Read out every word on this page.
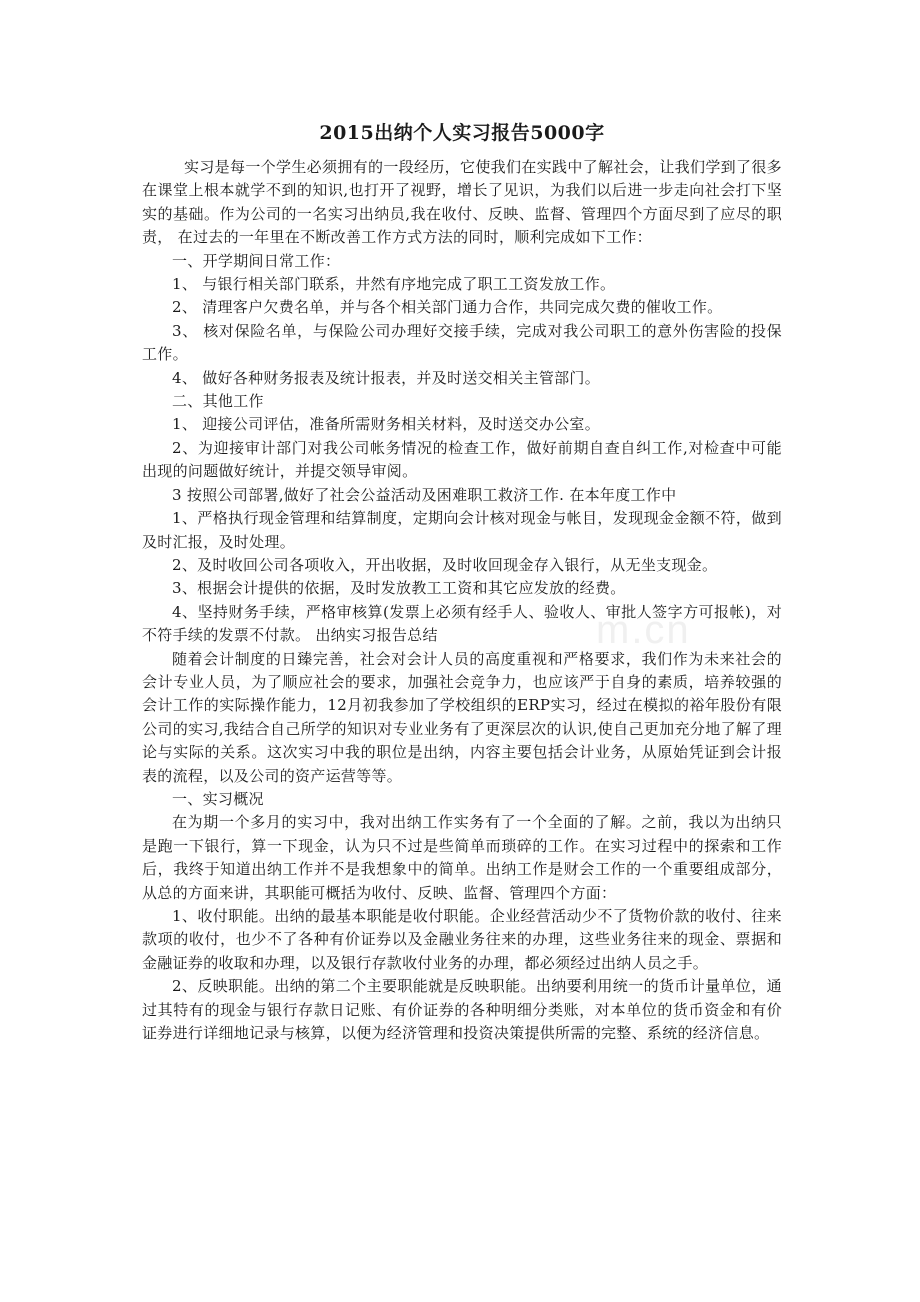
m.cn
2015出纳个人实习报告5000字

实习是每一个学生必须拥有的一段经历，它使我们在实践中了解社会，让我们学到了很多在课堂上根本就学不到的知识,也打开了视野，增长了见识，为我们以后进一步走向社会打下坚实的基础。作为公司的一名实习出纳员,我在收付、反映、监督、管理四个方面尽到了应尽的职责， 在过去的一年里在不断改善工作方式方法的同时，顺利完成如下工作：

一、开学期间日常工作：

1、 与银行相关部门联系，井然有序地完成了职工工资发放工作。

2、 清理客户欠费名单，并与各个相关部门通力合作，共同完成欠费的催收工作。

3、 核对保险名单，与保险公司办理好交接手续，完成对我公司职工的意外伤害险的投保工作。

4、 做好各种财务报表及统计报表，并及时送交相关主管部门。

二、其他工作

1、 迎接公司评估，准备所需财务相关材料，及时送交办公室。

2、为迎接审计部门对我公司帐务情况的检查工作，做好前期自查自纠工作,对检查中可能出现的问题做好统计，并提交领导审阅。

3 按照公司部署,做好了社会公益活动及困难职工救济工作. 在本年度工作中

1、严格执行现金管理和结算制度，定期向会计核对现金与帐目，发现现金金额不符，做到及时汇报，及时处理。

2、及时收回公司各项收入，开出收据，及时收回现金存入银行，从无坐支现金。

3、根据会计提供的依据，及时发放教工工资和其它应发放的经费。

4、坚持财务手续，严格审核算(发票上必须有经手人、验收人、审批人签字方可报帐)，对不符手续的发票不付款。 出纳实习报告总结

随着会计制度的日臻完善，社会对会计人员的高度重视和严格要求，我们作为未来社会的会计专业人员，为了顺应社会的要求，加强社会竞争力，也应该严于自身的素质，培养较强的会计工作的实际操作能力，12月初我参加了学校组织的ERP实习，经过在模拟的裕年股份有限公司的实习,我结合自己所学的知识对专业业务有了更深层次的认识,使自己更加充分地了解了理论与实际的关系。这次实习中我的职位是出纳，内容主要包括会计业务，从原始凭证到会计报表的流程，以及公司的资产运营等等。

一、实习概况

在为期一个多月的实习中，我对出纳工作实务有了一个全面的了解。之前，我以为出纳只是跑一下银行，算一下现金，认为只不过是些简单而琐碎的工作。在实习过程中的探索和工作后，我终于知道出纳工作并不是我想象中的简单。出纳工作是财会工作的一个重要组成部分，从总的方面来讲，其职能可概括为收付、反映、监督、管理四个方面：

1、收付职能。出纳的最基本职能是收付职能。企业经营活动少不了货物价款的收付、往来款项的收付，也少不了各种有价证券以及金融业务往来的办理，这些业务往来的现金、票据和金融证券的收取和办理，以及银行存款收付业务的办理，都必须经过出纳人员之手。

2、反映职能。出纳的第二个主要职能就是反映职能。出纳要利用统一的货币计量单位，通过其特有的现金与银行存款日记账、有价证券的各种明细分类账，对本单位的货币资金和有价证券进行详细地记录与核算，以便为经济管理和投资决策提供所需的完整、系统的经济信息。
